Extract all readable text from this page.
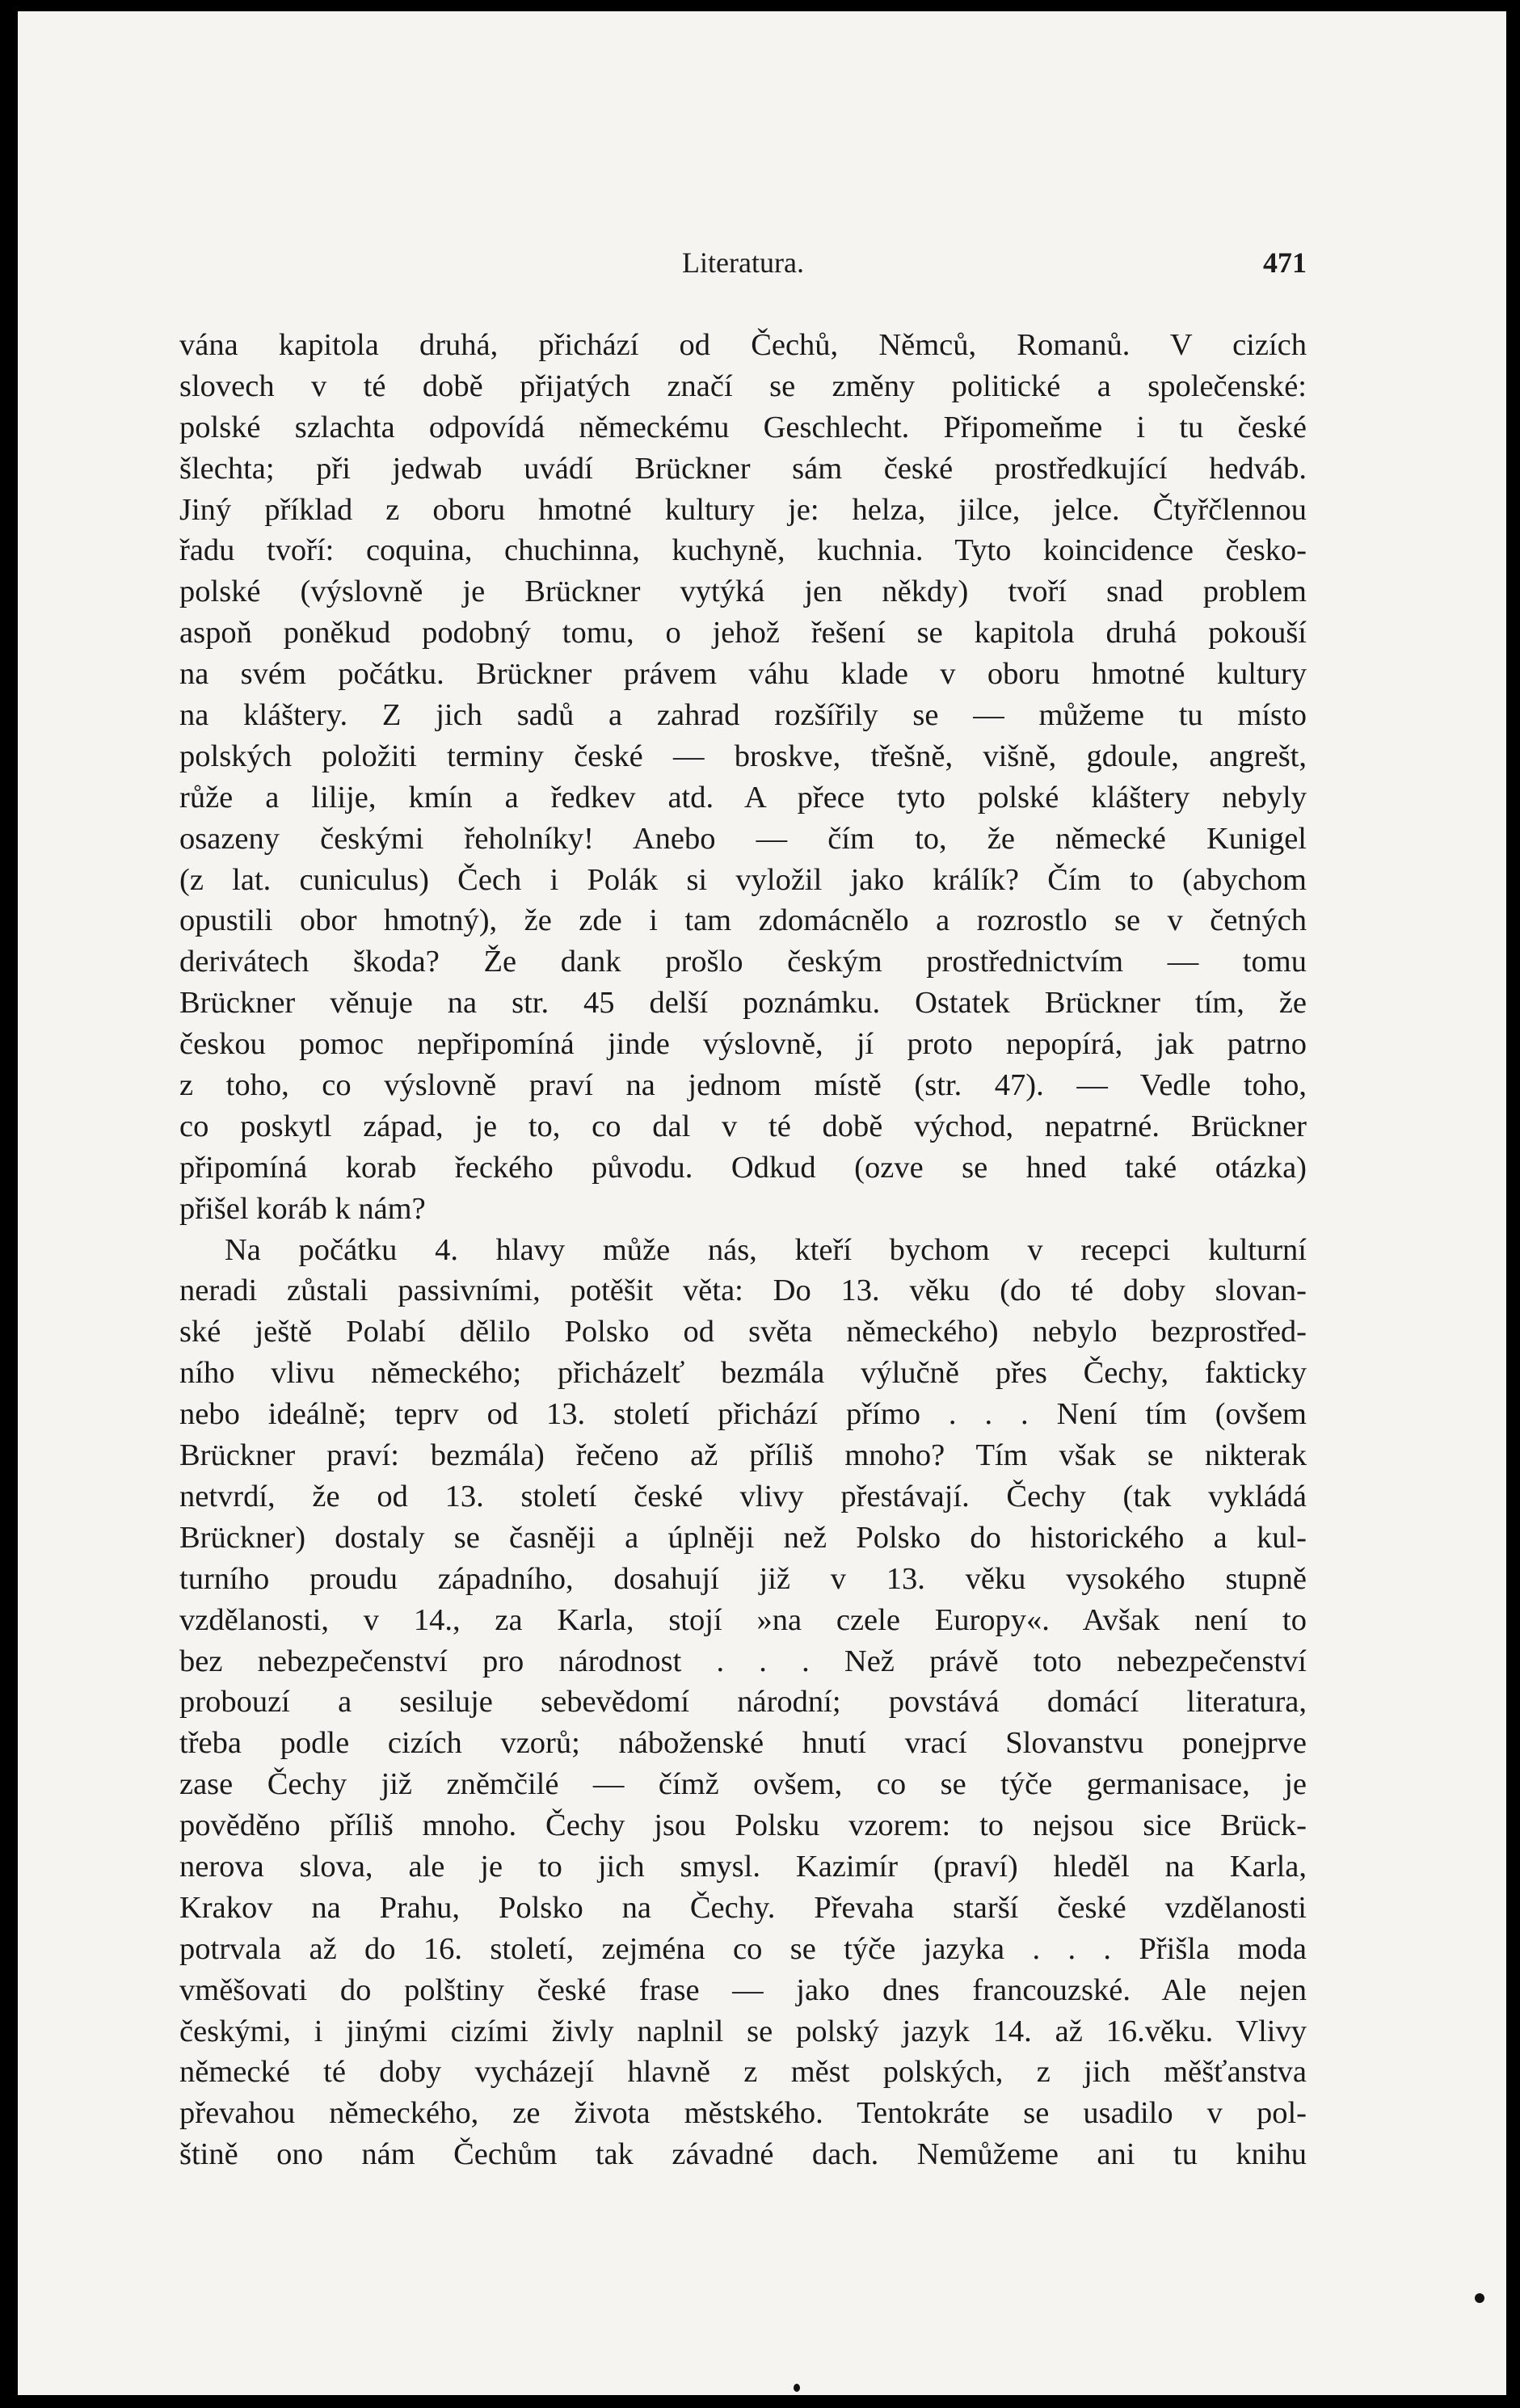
Literatura.	471
vána kapitola druhá, přichází od Čechů, Němců, Romanů. V cizích
slovech v té době přijatých značí se změny politické a společenské:
polské szlachta odpovídá německému Geschlecht. Připomeňme i tu české
šlechta; při jedwab uvádí Brückner sám české prostředkující hedváb.
Jiný příklad z oboru hmotné kultury je: helza, jilce, jelce. Čtyřčlennou
řadu tvoří: coquina, chuchinna, kuchyně, kuchnia. Tyto koincidence česko-
polské (výslovně je Brückner vytýká jen někdy) tvoří snad problem
aspoň poněkud podobný tomu, o jehož řešení se kapitola druhá pokouší
na svém počátku. Brückner právem váhu klade v oboru hmotné kultury
na kláštery. Z jich sadů a zahrad rozšířily se — můžeme tu místo
polských položiti terminy české — broskve, třešně, višně, gdoule, angrešt,
růže a lilije, kmín a ředkev atd. A přece tyto polské kláštery nebyly
osazeny českými řeholníky! Anebo — čím to, že německé Kunigel
(z lat. cuniculus) Čech i Polák si vyložil jako králík? Čím to (abychom
opustili obor hmotný), že zde i tam zdomácnělo a rozrostlo se v četných
derivátech škoda? Že dank prošlo českým prostřednictvím — tomu
Brückner věnuje na str. 45 delší poznámku. Ostatek Brückner tím, že
českou pomoc nepřipomíná jinde výslovně, jí proto nepopírá, jak patrno
z toho, co výslovně praví na jednom místě (str. 47). — Vedle toho,
co poskytl západ, je to, co dal v té době východ, nepatrné. Brückner
připomíná korab řeckého původu. Odkud (ozve se hned také otázka)
přišel koráb k nám?
Na počátku 4. hlavy může nás, kteří bychom v recepci kulturní
neradi zůstali passivními, potěšit věta: Do 13. věku (do té doby slovan-
ské ještě Polabí dělilo Polsko od světa německého) nebylo bezprostřed-
ního vlivu německého; přicházelť bezmála výlučně přes Čechy, fakticky
nebo ideálně; teprv od 13. století přichází přímo . . . Není tím (ovšem
Brückner praví: bezmála) řečeno až příliš mnoho? Tím však se nikterak
netvrdí, že od 13. století české vlivy přestávají. Čechy (tak vykládá
Brückner) dostaly se časněji a úplněji než Polsko do historického a kul-
turního proudu západního, dosahují již v 13. věku vysokého stupně
vzdělanosti, v 14., za Karla, stojí »na czele Europy«. Avšak není to
bez nebezpečenství pro národnost . . . Než právě toto nebezpečenství
probouzí a sesiluje sebevědomí národní; povstává domácí literatura,
třeba podle cizích vzorů; náboženské hnutí vrací Slovanstvu ponejprve
zase Čechy již zněmčilé — čímž ovšem, co se týče germanisace, je
pověděno příliš mnoho. Čechy jsou Polsku vzorem: to nejsou sice Brück-
nerova slova, ale je to jich smysl. Kazimír (praví) hleděl na Karla,
Krakov na Prahu, Polsko na Čechy. Převaha starší české vzdělanosti
potrvala až do 16. století, zejména co se týče jazyka . . . Přišla moda
vměšovati do polštiny české frase — jako dnes francouzské. Ale nejen
českými, i jinými cizími živly naplnil se polský jazyk 14. až 16.věku. Vlivy
německé té doby vycházejí hlavně z měst polských, z jich měšťanstva
převahou německého, ze života městského. Tentokráte se usadilo v pol-
štině ono nám Čechům tak závadné dach. Nemůžeme ani tu knihu
